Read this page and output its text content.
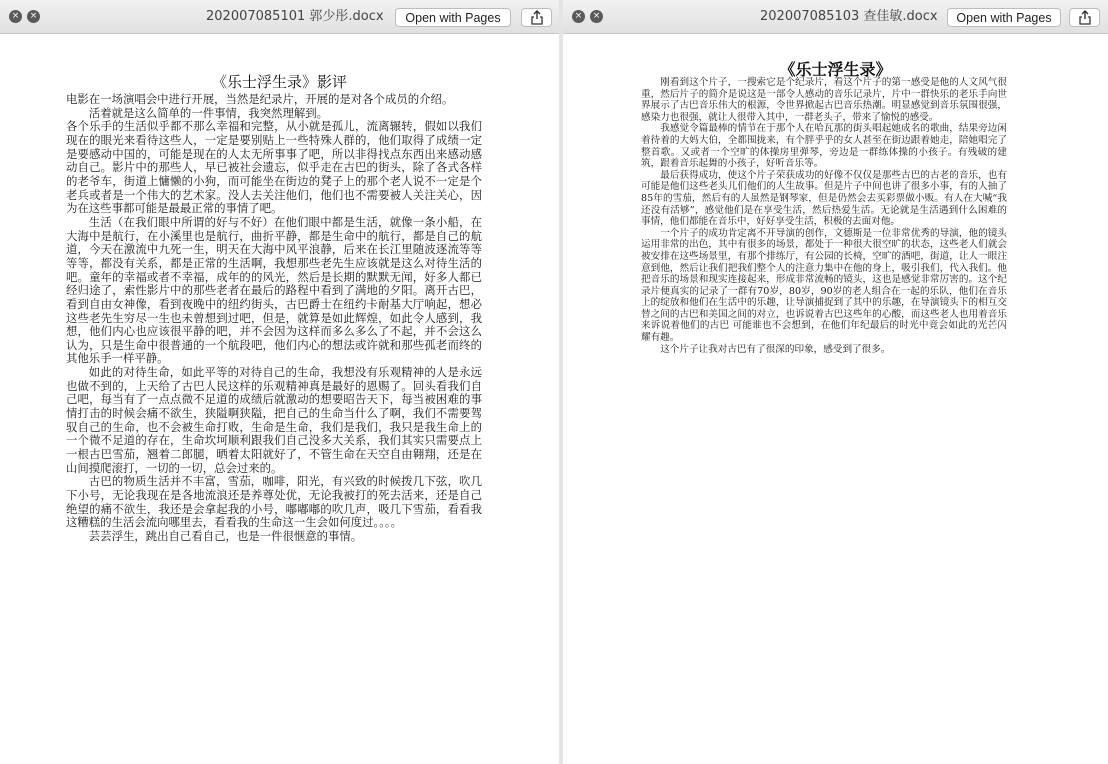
×	×	202007085101 郭少彤.docx	Open with Pages
《乐士浮生录》影评

电影在一场演唱会中进行开展，当然是纪录片，开展的是对各个成员的介绍。

活着就是这么简单的一件事情，我突然理解到。

各个乐手的生活似乎都不那么幸福和完整，从小就是孤儿，流离辗转，假如以我们现在的眼光来看待这些人，一定是要别贴上一些特殊人群的，他们取得了成绩一定是要感动中国的，可能是现在的人太无所事事了吧，所以非得找点东西出来感动感动自己。影片中的那些人，早已被社会遗忘，似乎走在古巴的街头，除了各式各样的老爷车，街道上慵懒的小狗，而可能坐在街边的凳子上的那个老人说不一定是个老兵或者是一个伟大的艺术家。没人去关注他们，他们也不需要被人关注关心，因为在这些事都可能是最最正常的事情了吧。

生活（在我们眼中所谓的好与不好）在他们眼中都是生活，就像一条小船，在大海中是航行，在小溪里也是航行，曲折平静，都是生命中的航行，都是自己的航道，今天在激流中九死一生，明天在大海中风平浪静，后来在长江里随波逐流等等等等，都没有关系，都是正常的生活啊，我想那些老先生应该就是这么对待生活的吧。童年的幸福或者不幸福，成年的的风光，然后是长期的默默无闻，好多人都已经归途了，索性影片中的那些老者在最后的路程中看到了满地的夕阳。离开古巴，看到自由女神像，看到夜晚中的纽约街头，古巴爵士在纽约卡耐基大厅响起，想必这些老先生穷尽一生也未曾想到过吧，但是，就算是如此辉煌，如此令人感到，我想，他们内心也应该很平静的吧，并不会因为这样而多么多么了不起，并不会这么认为，只是生命中很普通的一个航段吧，他们内心的想法或许就和那些孤老而终的其他乐手一样平静。

如此的对待生命，如此平等的对待自己的生命，我想没有乐观精神的人是永远也做不到的，上天给了古巴人民这样的乐观精神真是最好的恩赐了。回头看我们自己吧，每当有了一点点微不足道的成绩后就激动的想要昭告天下，每当被困难的事情打击的时候会痛不欲生，狭隘啊狭隘，把自己的生命当什么了啊，我们不需要驾驭自己的生命，也不会被生命打败，生命是生命，我们是我们，我只是我生命上的一个微不足道的存在，生命坎坷顺利跟我们自己没多大关系，我们其实只需要点上一根古巴雪茄，翘着二郎腿，晒着太阳就好了，不管生命在天空自由翱翔，还是在山间摸爬滚打，一切的一切，总会过来的。

古巴的物质生活并不丰富，雪茄，咖啡，阳光，有兴致的时候拨几下弦，吹几下小号，无论我现在是各地流浪还是养尊处优，无论我被打的死去活来，还是自己绝望的痛不欲生，我还是会拿起我的小号，嘟嘟嘟的吹几声，吸几下雪茄，看看我这糟糕的生活会流向哪里去，看看我的生命这一生会如何度过。。。。

芸芸浮生，跳出自己看自己，也是一件很惬意的事情。

×	×	202007085103 查佳敏.docx	Open with Pages
《乐士浮生录》

刚看到这个片子，一搜索它是个纪录片，看这个片子的第一感受是他的人文风气很重，然后片子的简介是说这是一部令人感动的音乐记录片，片中一群快乐的老乐手向世界展示了古巴音乐伟大的根源，令世界掀起古巴音乐热潮。明显感觉到音乐氛围很强，感染力也很强，就让人很带入其中，一群老头子，带来了愉悦的感受。

我感觉令篇最棒的情节在于那个人在哈瓦那的街头唱起她成名的歌曲，结果旁边闲着待着的大妈大伯，全都围拢来，有个胖乎乎的女人甚至在街边跟着她走，陪她唱完了整首歌。又或者一个空旷的体操房里弹琴，旁边是一群练体操的小孩子。有残破的建筑，跟着音乐起舞的小孩子，好听音乐等。

最后获得成功，使这个片子荣获成功的好像不仅仅是那些古巴的古老的音乐，也有可能是他们这些老头儿们他们的人生故事。但是片子中间也讲了很多小事，有的人抽了85年的雪茄，然后有的人虽然是钢琴家，但是仍然会去买彩票做小贩。有人在大喊“我还没有活够”，感觉他们是在享受生活，然后热爱生活。无论就是生活遇到什么困难的事情，他们都能在音乐中，好好享受生活，积极的去面对他。

一个片子的成功肯定离不开导演的创作，文德斯是一位非常优秀的导演，他的镜头运用非常的出色，其中有很多的场景，都处于一种很大很空旷的状态，这些老人们就会被安排在这些场景里，有那个排练厅，有公园的长椅，空旷的酒吧，街道，让人一眼注意到他，然后让我们把我们整个人的注意力集中在他的身上，吸引我们，代入我们。他把音乐的场景和现实连接起来，形成非常流畅的镜头，这也是感觉非常厉害的。这个纪录片便真实的记录了一群有70岁，80岁，90岁的老人组合在一起的乐队，他们在音乐上的绽放和他们在生活中的乐趣，让导演捕捉到了其中的乐趣，在导演镜头下的相互交替之间的古巴和美国之间的对立，也诉说着古巴这些年的心酸，而这些老人也用着音乐来诉说着他们的古巴 可能谁也不会想到，在他们年纪最后的时光中竟会如此的光芒闪耀有趣。

这个片子让我对古巴有了很深的印象，感受到了很多。
